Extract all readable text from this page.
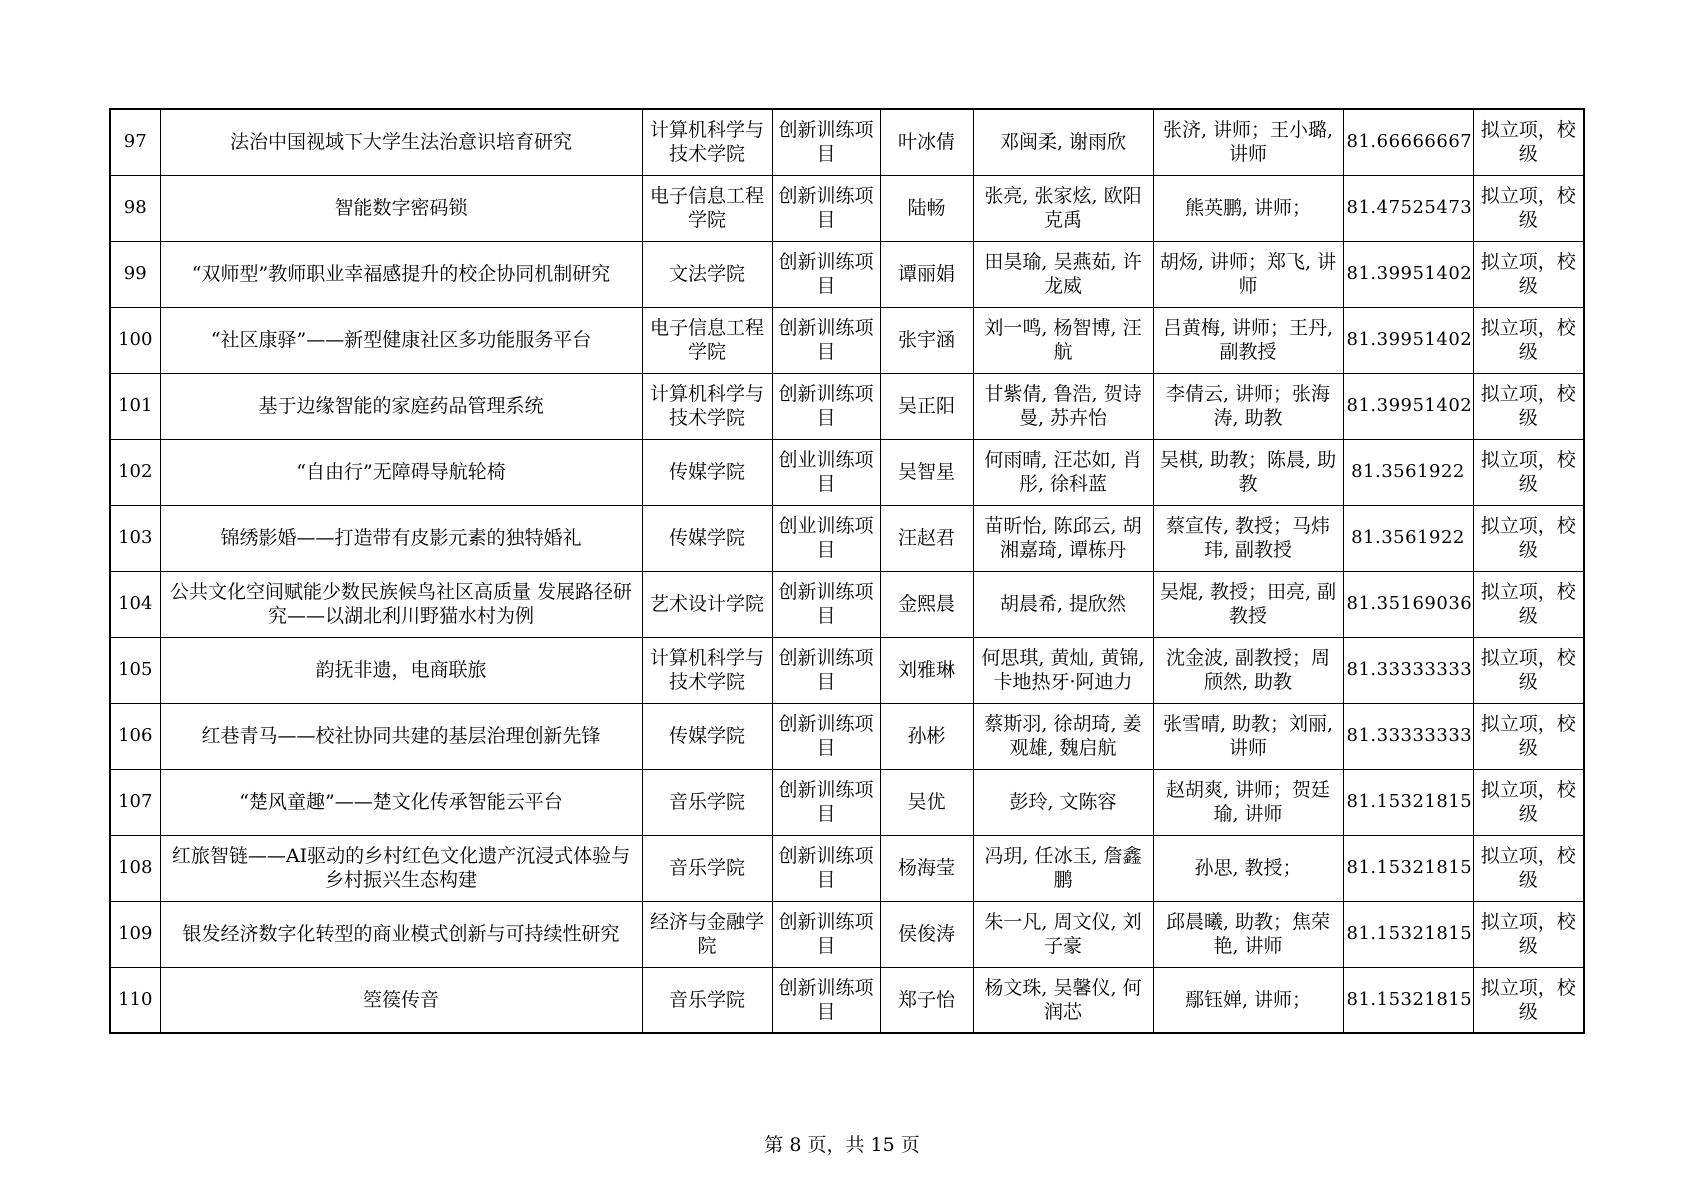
97	法治中国视域下大学生法治意识培育研究	计算机科学与技术学院	创新训练项目	叶冰倩	邓闽柔, 谢雨欣	张济, 讲师；王小璐, 讲师	81.66666667	拟立项，校级
98	智能数字密码锁	电子信息工程学院	创新训练项目	陆畅	张亮, 张家炫, 欧阳克禹	熊英鹏, 讲师；	81.47525473	拟立项，校级
99	“双师型”教师职业幸福感提升的校企协同机制研究	文法学院	创新训练项目	谭丽娟	田昊瑜, 吴燕茹, 许龙威	胡炀, 讲师；郑飞, 讲师	81.39951402	拟立项，校级
100	“社区康驿”——新型健康社区多功能服务平台	电子信息工程学院	创新训练项目	张宇涵	刘一鸣, 杨智博, 汪航	吕黄梅, 讲师；王丹, 副教授	81.39951402	拟立项，校级
101	基于边缘智能的家庭药品管理系统	计算机科学与技术学院	创新训练项目	吴正阳	甘紫倩, 鲁浩, 贺诗曼, 苏卉怡	李倩云, 讲师；张海涛, 助教	81.39951402	拟立项，校级
102	“自由行”无障碍导航轮椅	传媒学院	创业训练项目	吴智星	何雨晴, 汪芯如, 肖彤, 徐科蓝	吴棋, 助教；陈晨, 助教	81.3561922	拟立项，校级
103	锦绣影婚——打造带有皮影元素的独特婚礼	传媒学院	创业训练项目	汪赵君	苗昕怡, 陈邱云, 胡湘嘉琦, 谭栋丹	蔡宣传, 教授；马炜玮, 副教授	81.3561922	拟立项，校级
104	公共文化空间赋能少数民族候鸟社区高质量 发展路径研究——以湖北利川野猫水村为例	艺术设计学院	创新训练项目	金熙晨	胡晨希, 提欣然	吴焜, 教授；田亮, 副教授	81.35169036	拟立项，校级
105	韵抚非遗，电商联旅	计算机科学与技术学院	创新训练项目	刘雅琳	何思琪, 黄灿, 黄锦, 卡地热牙·阿迪力	沈金波, 副教授；周颀然, 助教	81.33333333	拟立项，校级
106	红巷青马——校社协同共建的基层治理创新先锋	传媒学院	创新训练项目	孙彬	蔡斯羽, 徐胡琦, 姜观雄, 魏启航	张雪晴, 助教；刘丽, 讲师	81.33333333	拟立项，校级
107	“楚风童趣”——楚文化传承智能云平台	音乐学院	创新训练项目	吴优	彭玲, 文陈容	赵胡爽, 讲师；贺廷瑜, 讲师	81.15321815	拟立项，校级
108	红旅智链——AI驱动的乡村红色文化遗产沉浸式体验与乡村振兴生态构建	音乐学院	创新训练项目	杨海莹	冯玥, 任冰玉, 詹鑫鹏	孙思, 教授；	81.15321815	拟立项，校级
109	银发经济数字化转型的商业模式创新与可持续性研究	经济与金融学院	创新训练项目	侯俊涛	朱一凡, 周文仪, 刘子豪	邱晨曦, 助教；焦荣艳, 讲师	81.15321815	拟立项，校级
110	箜篌传音	音乐学院	创新训练项目	郑子怡	杨文珠, 吴馨仪, 何润芯	鄢钰婵, 讲师；	81.15321815	拟立项，校级
第 8 页，共 15 页
